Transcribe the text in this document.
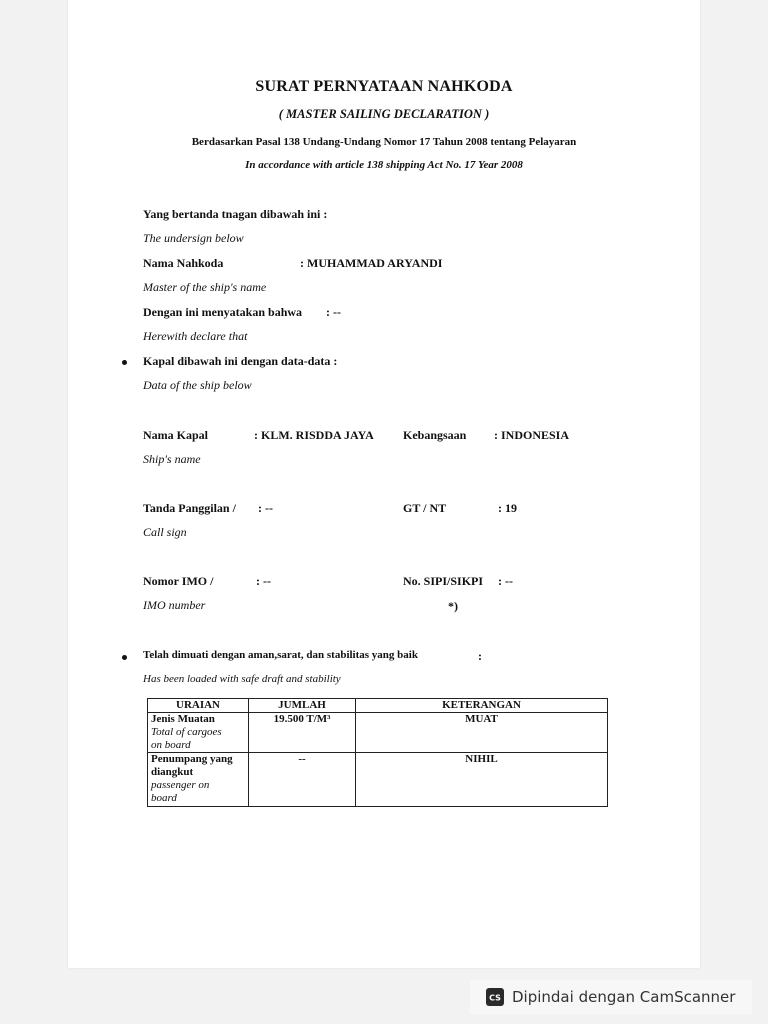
SURAT PERNYATAAN NAHKODA
( MASTER SAILING DECLARATION )
Berdasarkan Pasal 138 Undang-Undang Nomor 17 Tahun 2008 tentang Pelayaran
In accordance with article 138 shipping Act No. 17 Year 2008
Yang bertanda tnagan dibawah ini :
The undersign below
Nama Nahkoda	: MUHAMMAD ARYANDI
Master of the ship's name
Dengan ini menyatakan bahwa : --
Herewith declare that
Kapal dibawah ini dengan data-data :
Data of the ship below
Nama Kapal	: KLM. RISDDA JAYA
Ship's name
Kebangsaan : INDONESIA
Tanda Panggilan / : --
Call sign
GT / NT	: 19
Nomor IMO /	: --
IMO number
No. SIPI/SIKPI : --
*)
Telah dimuati dengan aman,sarat, dan stabilitas yang baik	:
Has been loaded with safe draft and stability
URAIAN	JUMLAH	KETERANGAN

Jenis Muatan
Total of cargoes
on board	19.500 T/M³	MUAT

Penumpang yang diangkut
passenger on
board	--	NIHIL
CS Dipindai dengan CamScanner
